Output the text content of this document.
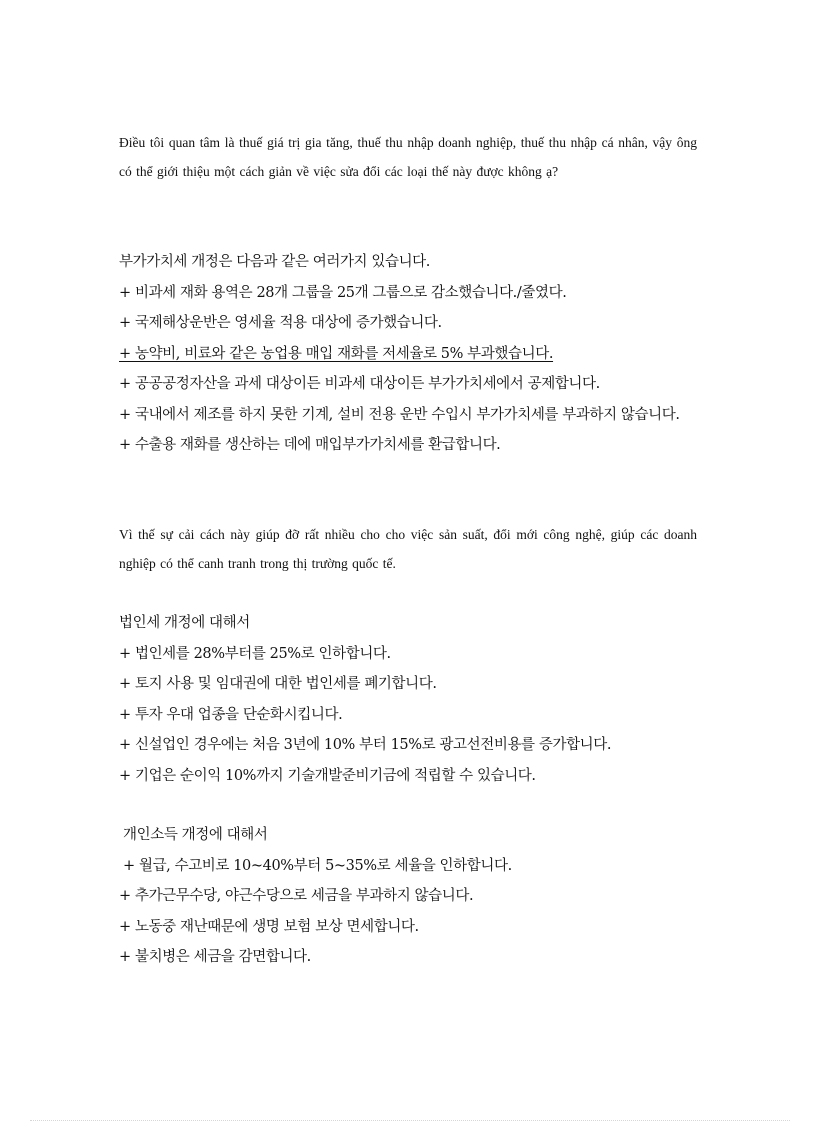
Điều tôi quan tâm là thuế giá trị gia tăng, thuế thu nhập doanh nghiệp, thuế thu nhập cá nhân, vậy ông có thể giới thiệu một cách giản về việc sửa đổi các loại thế này được không ạ?

부가가치세 개정은 다음과 같은 여러가지 있습니다.

+ 비과세 재화 용역은 28개 그룹을 25개 그룹으로 감소했습니다./줄였다.

+ 국제해상운반은 영세율 적용 대상에 증가했습니다.

+ 농약비, 비료와 같은 농업용 매입 재화를 저세율로 5% 부과했습니다.

+ 공공공정자산을 과세 대상이든 비과세 대상이든 부가가치세에서 공제합니다.

+ 국내에서 제조를 하지 못한 기계, 설비 전용 운반 수입시 부가가치세를 부과하지 않습니다.

+ 수출용 재화를 생산하는 데에 매입부가가치세를 환급합니다.

Vì thế sự cải cách này giúp đỡ rất nhiều cho cho việc sản suất, đổi mới công nghệ, giúp các doanh nghiệp có thể canh tranh trong thị trường quốc tế.

법인세 개정에 대해서

+ 법인세를 28%부터를 25%로 인하합니다.

+ 토지 사용 및 임대권에 대한 법인세를 폐기합니다.

+ 투자 우대 업종을 단순화시킵니다.

+ 신설업인 경우에는 처음 3년에 10% 부터 15%로 광고선전비용를 증가합니다.

+ 기업은 순이익 10%까지 기술개발준비기금에 적립할 수 있습니다.

개인소득 개정에 대해서

+ 월급, 수고비로 10~40%부터 5~35%로 세율을 인하합니다.

+ 추가근무수당, 야근수당으로 세금을 부과하지 않습니다.

+ 노동중 재난때문에 생명 보험 보상 면세합니다.

+ 불치병은 세금을 감면합니다.
